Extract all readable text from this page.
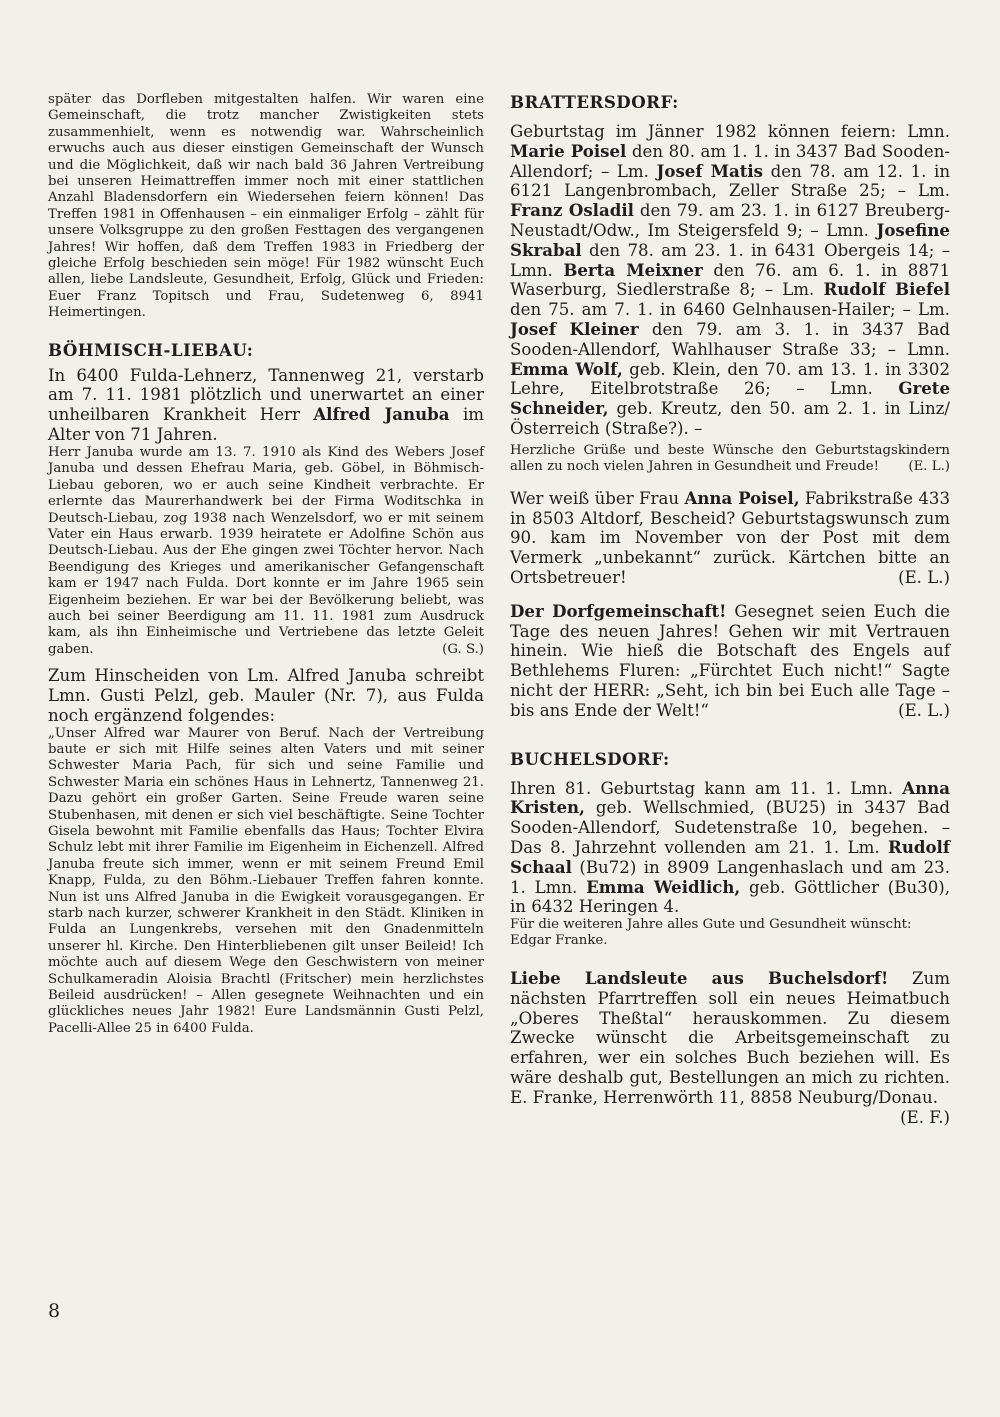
später das Dorfleben mitgestalten halfen. Wir waren eine Gemeinschaft, die trotz mancher Zwistigkeiten stets zusammenhielt, wenn es notwendig war. Wahrscheinlich erwuchs auch aus dieser einstigen Gemeinschaft der Wunsch und die Möglichkeit, daß wir nach bald 36 Jahren Vertreibung bei unseren Heimattreffen immer noch mit einer stattlichen Anzahl Bladensdorfern ein Wiedersehen feiern können! Das Treffen 1981 in Offenhausen – ein einmaliger Erfolg – zählt für unsere Volksgruppe zu den großen Festtagen des vergangenen Jahres! Wir hoffen, daß dem Treffen 1983 in Friedberg der gleiche Erfolg beschieden sein möge! Für 1982 wünscht Euch allen, liebe Landsleute, Gesundheit, Erfolg, Glück und Frieden: Euer Franz Topitsch und Frau, Sudetenweg 6, 8941 Heimertingen.

BÖHMISCH-LIEBAU:

In 6400 Fulda-Lehnerz, Tannenweg 21, verstarb am 7. 11. 1981 plötzlich und unerwartet an einer unheilbaren Krankheit Herr Alfred Januba im Alter von 71 Jahren.

Herr Januba wurde am 13. 7. 1910 als Kind des Webers Josef Januba und dessen Ehefrau Maria, geb. Göbel, in Böhmisch-Liebau geboren, wo er auch seine Kindheit verbrachte. Er erlernte das Maurerhandwerk bei der Firma Woditschka in Deutsch-Liebau, zog 1938 nach Wenzelsdorf, wo er mit seinem Vater ein Haus erwarb. 1939 heiratete er Adolfine Schön aus Deutsch-Liebau. Aus der Ehe gingen zwei Töchter hervor. Nach Beendigung des Krieges und amerikanischer Gefangenschaft kam er 1947 nach Fulda. Dort konnte er im Jahre 1965 sein Eigenheim beziehen. Er war bei der Bevölkerung beliebt, was auch bei seiner Beerdigung am 11. 11. 1981 zum Ausdruck kam, als ihn Einheimische und Vertriebene das letzte Geleit gaben.	(G. S.)

Zum Hinscheiden von Lm. Alfred Januba schreibt Lmn. Gusti Pelzl, geb. Mauler (Nr. 7), aus Fulda noch ergänzend folgendes:

„Unser Alfred war Maurer von Beruf. Nach der Vertreibung baute er sich mit Hilfe seines alten Vaters und mit seiner Schwester Maria Pach, für sich und seine Familie und Schwester Maria ein schönes Haus in Lehnertz, Tannenweg 21. Dazu gehört ein großer Garten. Seine Freude waren seine Stubenhasen, mit denen er sich viel beschäftigte. Seine Tochter Gisela bewohnt mit Familie ebenfalls das Haus; Tochter Elvira Schulz lebt mit ihrer Familie im Eigenheim in Eichenzell. Alfred Januba freute sich immer, wenn er mit seinem Freund Emil Knapp, Fulda, zu den Böhm.-Liebauer Treffen fahren konnte. Nun ist uns Alfred Januba in die Ewigkeit vorausgegangen. Er starb nach kurzer, schwerer Krankheit in den Städt. Kliniken in Fulda an Lungenkrebs, versehen mit den Gnadenmitteln unserer hl. Kirche. Den Hinterbliebenen gilt unser Beileid! Ich möchte auch auf diesem Wege den Geschwistern von meiner Schulkameradin Aloisia Brachtl (Fritscher) mein herzlichstes Beileid ausdrücken! – Allen gesegnete Weihnachten und ein glückliches neues Jahr 1982! Eure Landsmännin Gusti Pelzl, Pacelli-Allee 25 in 6400 Fulda.

BRATTERSDORF:

Geburtstag im Jänner 1982 können feiern: Lmn. Marie Poisel den 80. am 1. 1. in 3437 Bad Sooden-Allendorf; – Lm. Josef Matis den 78. am 12. 1. in 6121 Langenbrombach, Zeller Straße 25; – Lm. Franz Osladil den 79. am 23. 1. in 6127 Breuberg-Neustadt/Odw., Im Steigersfeld 9; – Lmn. Josefine Skrabal den 78. am 23. 1. in 6431 Obergeis 14; – Lmn. Berta Meixner den 76. am 6. 1. in 8871 Waserburg, Siedlerstraße 8; – Lm. Rudolf Biefel den 75. am 7. 1. in 6460 Gelnhausen-Hailer; – Lm. Josef Kleiner den 79. am 3. 1. in 3437 Bad Sooden-Allendorf, Wahlhauser Straße 33; – Lmn. Emma Wolf, geb. Klein, den 70. am 13. 1. in 3302 Lehre, Eitelbrotstraße 26; – Lmn. Grete Schneider, geb. Kreutz, den 50. am 2. 1. in Linz/Österreich (Straße?). –

Herzliche Grüße und beste Wünsche den Geburtstagskindern allen zu noch vielen Jahren in Gesundheit und Freude! (E. L.)

Wer weiß über Frau Anna Poisel, Fabrikstraße 433 in 8503 Altdorf, Bescheid? Geburtstagswunsch zum 90. kam im November von der Post mit dem Vermerk „unbekannt“ zurück. Kärtchen bitte an Ortsbetreuer!	(E. L.)

Der Dorfgemeinschaft! Gesegnet seien Euch die Tage des neuen Jahres! Gehen wir mit Vertrauen hinein. Wie hieß die Botschaft des Engels auf Bethlehems Fluren: „Fürchtet Euch nicht!“ Sagte nicht der HERR: „Seht, ich bin bei Euch alle Tage – bis ans Ende der Welt!“	(E. L.)

BUCHELSDORF:

Ihren 81. Geburtstag kann am 11. 1. Lmn. Anna Kristen, geb. Wellschmied, (BU25) in 3437 Bad Sooden-Allendorf, Sudetenstraße 10, begehen. – Das 8. Jahrzehnt vollenden am 21. 1. Lm. Rudolf Schaal (Bu72) in 8909 Langenhaslach und am 23. 1. Lmn. Emma Weidlich, geb. Göttlicher (Bu30), in 6432 Heringen 4.

Für die weiteren Jahre alles Gute und Gesundheit wünscht: Edgar Franke.

Liebe Landsleute aus Buchelsdorf! Zum nächsten Pfarrtreffen soll ein neues Heimatbuch „Oberes Theßtal“ herauskommen. Zu diesem Zwecke wünscht die Arbeitsgemeinschaft zu erfahren, wer ein solches Buch beziehen will. Es wäre deshalb gut, Bestellungen an mich zu richten. E. Franke, Herrenwörth 11, 8858 Neuburg/Donau.
(E. F.)

8
